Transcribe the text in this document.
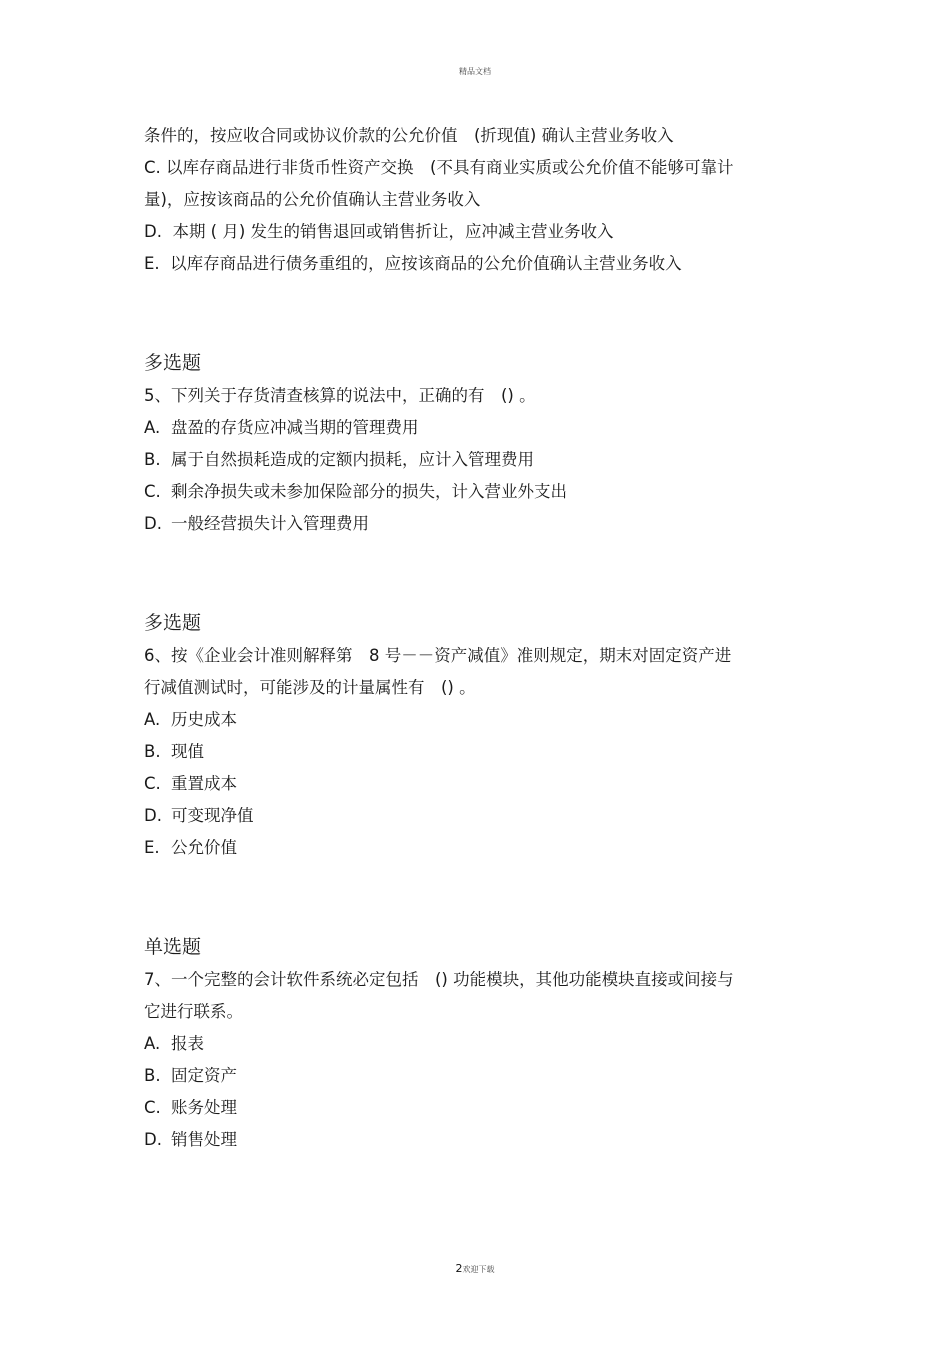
精品文档

条件的，按应收合同或协议价款的公允价值　(折现值) 确认主营业务收入

C. 以库存商品进行非货币性资产交换　(不具有商业实质或公允价值不能够可靠计

量)，应按该商品的公允价值确认主营业务收入

D.  本期 ( 月) 发生的销售退回或销售折让，应冲减主营业务收入

E.  以库存商品进行债务重组的，应按该商品的公允价值确认主营业务收入

多选题

5、下列关于存货清查核算的说法中，正确的有　() 。

A. 盘盈的存货应冲减当期的管理费用
B. 属于自然损耗造成的定额内损耗，应计入管理费用
C. 剩余净损失或未参加保险部分的损失，计入营业外支出
D. 一般经营损失计入管理费用

多选题

6、按《企业会计准则解释第　8 号－－资产减值》准则规定，期末对固定资产进

行减值测试时，可能涉及的计量属性有　() 。

A. 历史成本
B. 现值
C. 重置成本
D. 可变现净值
E. 公允价值

单选题

7、一个完整的会计软件系统必定包括　() 功能模块，其他功能模块直接或间接与

它进行联系。

A. 报表
B. 固定资产
C. 账务处理
D. 销售处理
2欢迎下载
